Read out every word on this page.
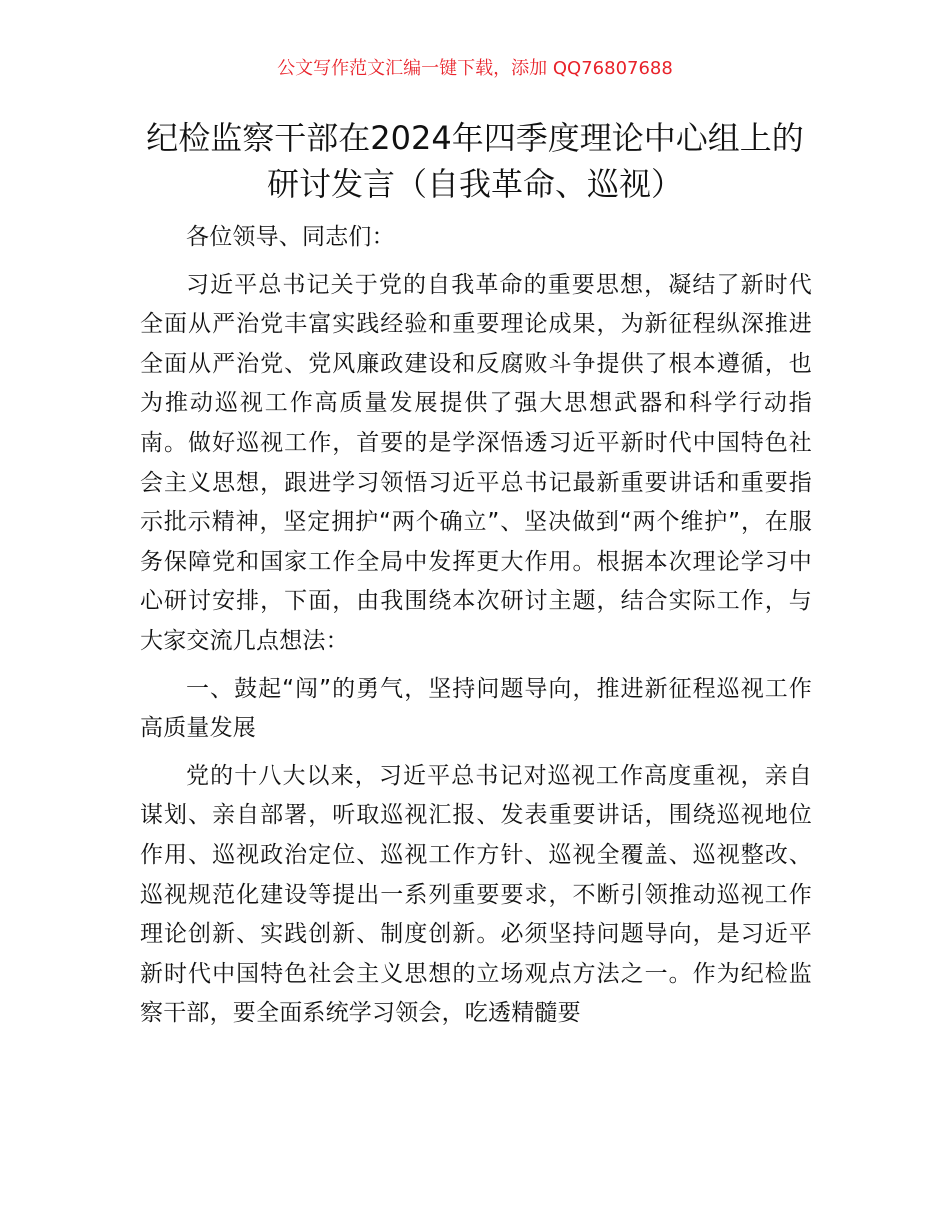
公文写作范文汇编一键下载，添加 QQ76807688
纪检监察干部在2024年四季度理论中心组上的研讨发言（自我革命、巡视）

各位领导、同志们：

习近平总书记关于党的自我革命的重要思想，凝结了新时代全面从严治党丰富实践经验和重要理论成果，为新征程纵深推进全面从严治党、党风廉政建设和反腐败斗争提供了根本遵循，也为推动巡视工作高质量发展提供了强大思想武器和科学行动指南。做好巡视工作，首要的是学深悟透习近平新时代中国特色社会主义思想，跟进学习领悟习近平总书记最新重要讲话和重要指示批示精神，坚定拥护“两个确立”、坚决做到“两个维护”，在服务保障党和国家工作全局中发挥更大作用。根据本次理论学习中心研讨安排，下面，由我围绕本次研讨主题，结合实际工作，与大家交流几点想法：

一、鼓起“闯”的勇气，坚持问题导向，推进新征程巡视工作高质量发展

党的十八大以来，习近平总书记对巡视工作高度重视，亲自谋划、亲自部署，听取巡视汇报、发表重要讲话，围绕巡视地位作用、巡视政治定位、巡视工作方针、巡视全覆盖、巡视整改、巡视规范化建设等提出一系列重要要求，不断引领推动巡视工作理论创新、实践创新、制度创新。必须坚持问题导向，是习近平新时代中国特色社会主义思想的立场观点方法之一。作为纪检监察干部，要全面系统学习领会，吃透精髓要
